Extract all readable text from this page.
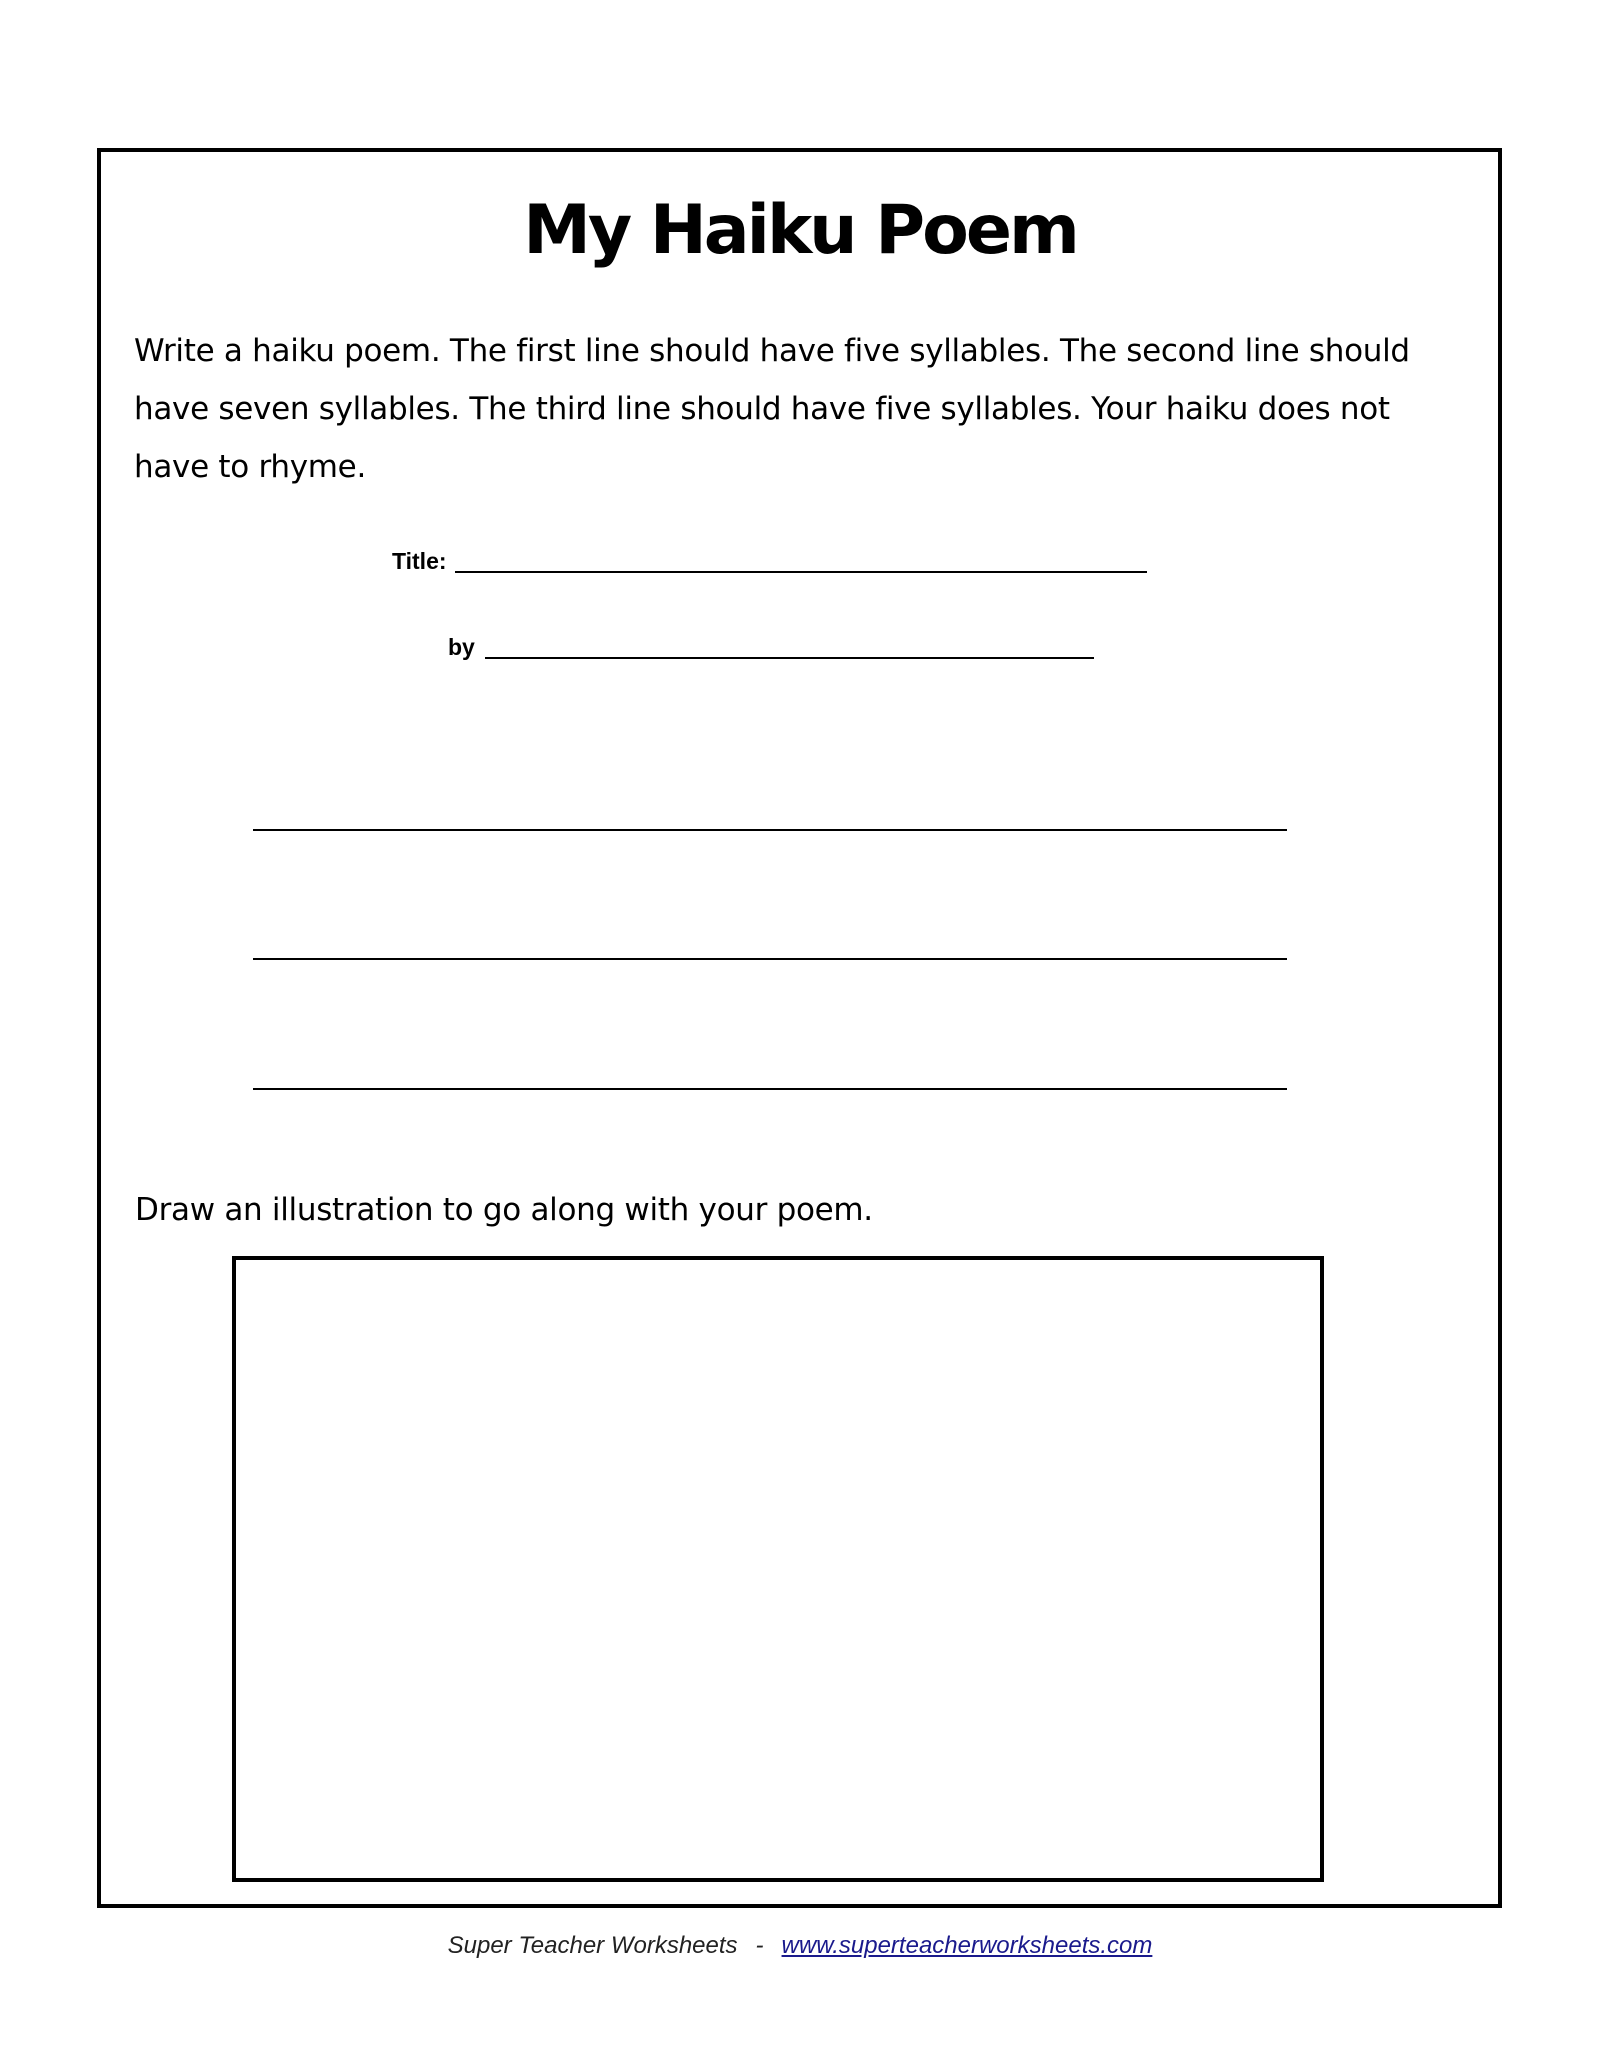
My Haiku Poem
Write a haiku poem. The first line should have five syllables. The second line should have seven syllables. The third line should have five syllables. Your haiku does not have to rhyme.
Title:
by
Draw an illustration to go along with your poem.
Super Teacher Worksheets - www.superteacherworksheets.com
